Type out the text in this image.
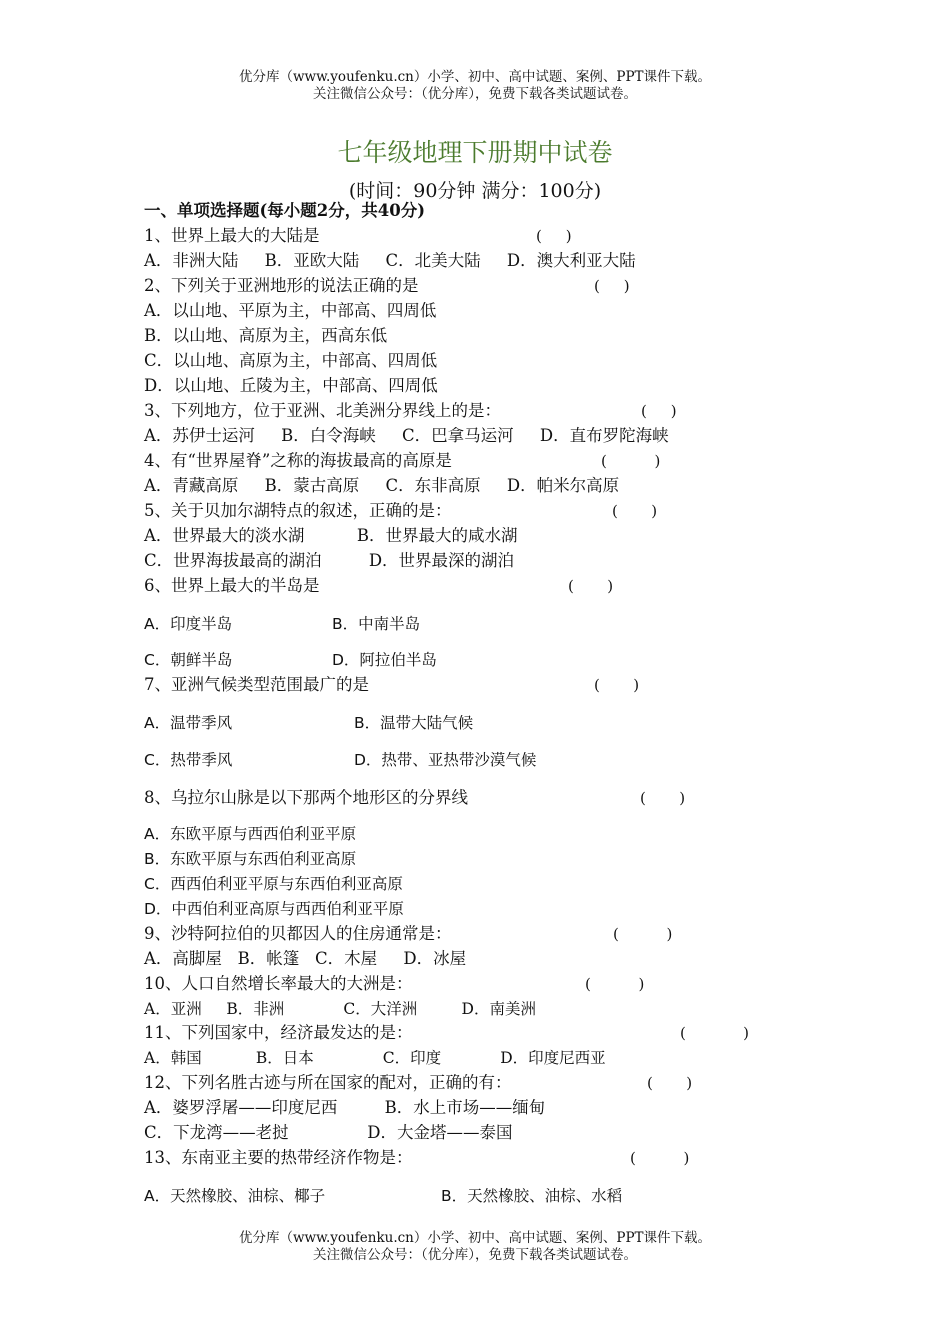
优分库（www.youfenku.cn）小学、初中、高中试题、案例、PPT课件下载。
关注微信公众号：（优分库），免费下载各类试题试卷。
七年级地理下册期中试卷
(时间：90分钟 满分：100分)
一、单项选择题(每小题2分，共40分)
1、世界上最大的大陆是	(     )
A．非洲大陆     B．亚欧大陆     C．北美大陆     D．澳大利亚大陆
2、下列关于亚洲地形的说法正确的是	(     )
A．以山地、平原为主，中部高、四周低
B．以山地、高原为主，西高东低
C．以山地、高原为主，中部高、四周低
D．以山地、丘陵为主，中部高、四周低
3、下列地方，位于亚洲、北美洲分界线上的是：	(     )
A．苏伊士运河     B．白令海峡     C．巴拿马运河     D．直布罗陀海峡
4、有“世界屋脊”之称的海拔最高的高原是	(          )
A．青藏高原     B．蒙古高原     C．东非高原     D．帕米尔高原
5、关于贝加尔湖特点的叙述，正确的是：	(       )
A．世界最大的淡水湖          B．世界最大的咸水湖
C．世界海拔最高的湖泊         D．世界最深的湖泊
6、世界上最大的半岛是	(       )
A．印度半岛	B．中南半岛
C．朝鲜半岛	D．阿拉伯半岛
7、亚洲气候类型范围最广的是	(       )
A．温带季风	B．温带大陆气候
C．热带季风	D．热带、亚热带沙漠气候
8、乌拉尔山脉是以下那两个地形区的分界线	(       )
A．东欧平原与西西伯利亚平原
B．东欧平原与东西伯利亚高原
C．西西伯利亚平原与东西伯利亚高原
D．中西伯利亚高原与西西伯利亚平原
9、沙特阿拉伯的贝都因人的住房通常是：	(          )
A．高脚屋   B．帐篷   C．木屋     D．冰屋
10、人口自然增长率最大的大洲是：	(          )
A．亚洲     B．非洲            C．大洋洲         D．南美洲
11、下列国家中，经济最发达的是：	(            )
A．韩国           B．日本              C．印度            D．印度尼西亚
12、下列名胜古迹与所在国家的配对，正确的有：	(       )
A．婆罗浮屠——印度尼西         B．水上市场——缅甸
C．下龙湾——老挝               D．大金塔——泰国
13、东南亚主要的热带经济作物是：	(          )
A．天然橡胶、油棕、椰子	B．天然橡胶、油棕、水稻
优分库（www.youfenku.cn）小学、初中、高中试题、案例、PPT课件下载。
关注微信公众号：（优分库），免费下载各类试题试卷。
